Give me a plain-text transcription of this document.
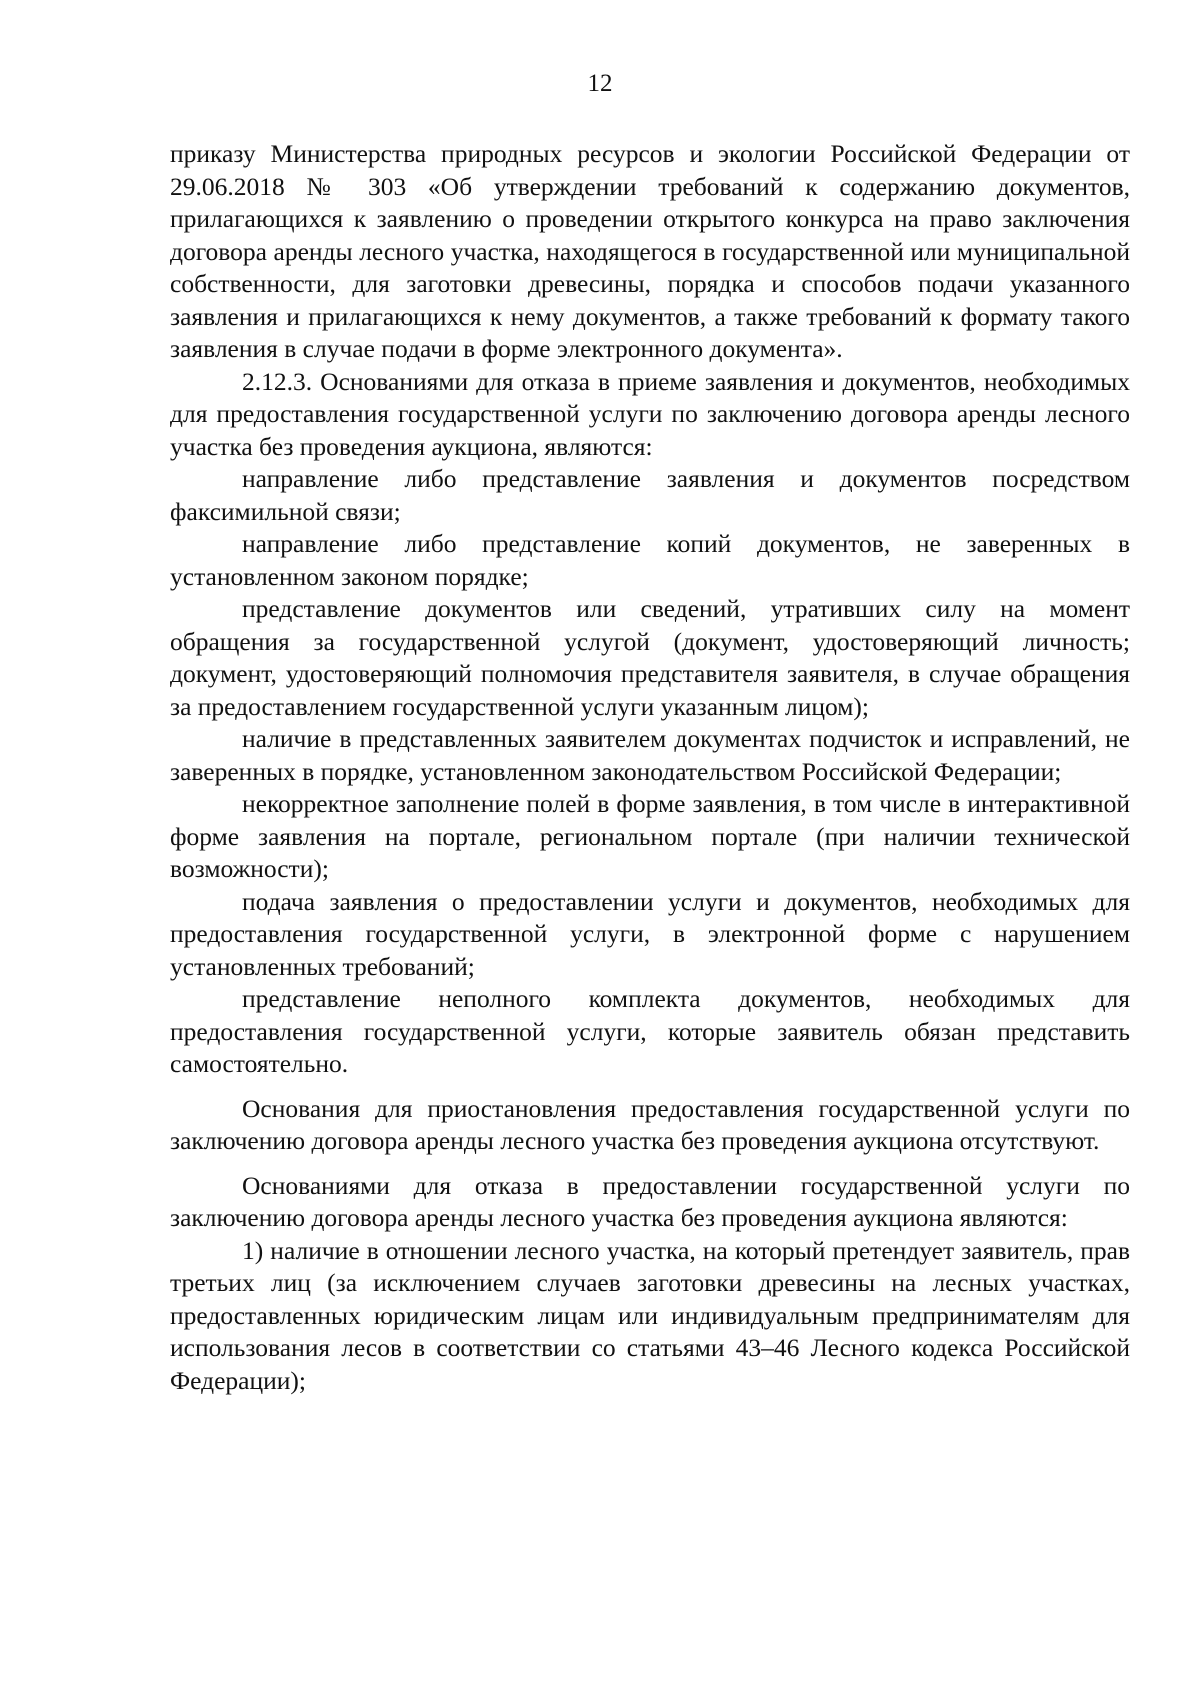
12

приказу Министерства природных ресурсов и экологии Российской Федерации от 29.06.2018 № 303 «Об утверждении требований к содержанию документов, прилагающихся к заявлению о проведении открытого конкурса на право заключения договора аренды лесного участка, находящегося в государственной или муниципальной собственности, для заготовки древесины, порядка и способов подачи указанного заявления и прилагающихся к нему документов, а также требований к формату такого заявления в случае подачи в форме электронного документа».

2.12.3. Основаниями для отказа в приеме заявления и документов, необходимых для предоставления государственной услуги по заключению договора аренды лесного участка без проведения аукциона, являются:

направление либо представление заявления и документов посредством факсимильной связи;

направление либо представление копий документов, не заверенных в установленном законом порядке;

представление документов или сведений, утративших силу на момент обращения за государственной услугой (документ, удостоверяющий личность; документ, удостоверяющий полномочия представителя заявителя, в случае обращения за предоставлением государственной услуги указанным лицом);

наличие в представленных заявителем документах подчисток и исправлений, не заверенных в порядке, установленном законодательством Российской Федерации;

некорректное заполнение полей в форме заявления, в том числе в интерактивной форме заявления на портале, региональном портале (при наличии технической возможности);

подача заявления о предоставлении услуги и документов, необходимых для предоставления государственной услуги, в электронной форме с нарушением установленных требований;

представление неполного комплекта документов, необходимых для предоставления государственной услуги, которые заявитель обязан представить самостоятельно.

Основания для приостановления предоставления государственной услуги по заключению договора аренды лесного участка без проведения аукциона отсутствуют.

Основаниями для отказа в предоставлении государственной услуги по заключению договора аренды лесного участка без проведения аукциона являются:

1) наличие в отношении лесного участка, на который претендует заявитель, прав третьих лиц (за исключением случаев заготовки древесины на лесных участках, предоставленных юридическим лицам или индивидуальным предпринимателям для использования лесов в соответствии со статьями 43–46 Лесного кодекса Российской Федерации);
